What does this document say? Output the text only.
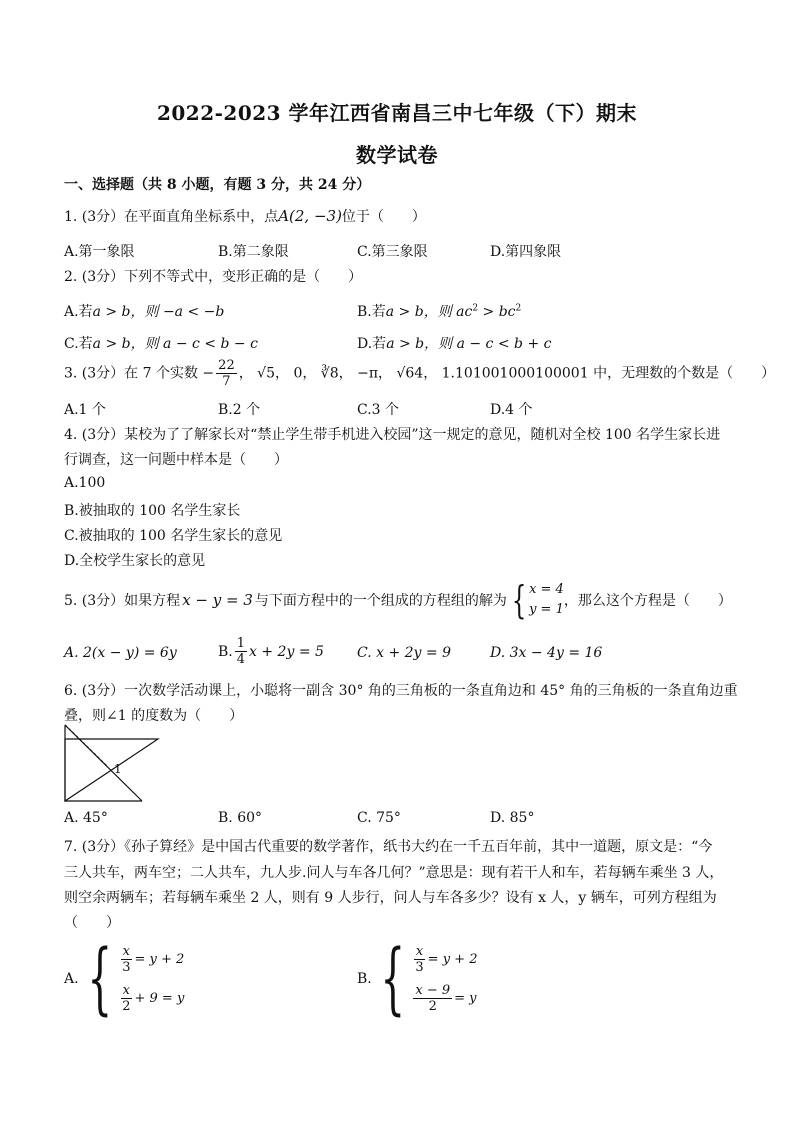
2022-2023 学年江西省南昌三中七年级（下）期末
数学试卷
一、选择题（共 8 小题，有题 3 分，共 24 分）
1. (3分）在平面直角坐标系中，点A(2, −3)位于（　　）
A.第一象限	B.第二象限	C.第三象限	D.第四象限
2. (3分）下列不等式中，变形正确的是（　　）
A.若a > b，则 −a < −b	B.若a > b，则 $ac^2 > bc^2$
C.若a > b，则 a − c < b − c	D.若a > b，则 a − c < b + c
3. (3分）在 7 个实数 − $\frac{22}{7}$ ， √5， 0， ∛8， −π， √64， 1.101001000100001 中，无理数的个数是（　　）
A.1 个	B.2 个	C.3 个	D.4 个
4. (3分）某校为了了解家长对“禁止学生带手机进入校园”这一规定的意见，随机对全校 100 名学生家长进
行调查，这一问题中样本是（　　）
A.100
B.被抽取的 100 名学生家长
C.被抽取的 100 名学生家长的意见
D.全校学生家长的意见
5. (3分）如果方程 x − y = 3 与下面方程中的一个组成的方程组的解为 { x = 4
y = 1
，那么这个方程是（　　）
A. 2(x − y) = 6y	B. $\frac{1}{4}$ x + 2y = 5 C. x + 2y = 9	D. 3x − 4y = 16
6. (3分）一次数学活动课上，小聪将一副含 30° 角的三角板的一条直角边和 45° 角的三角板的一条直角边重
叠，则∠1 的度数为（　　）
1
A. 45°	B. 60°	C. 75°	D. 85°
7. (3分）《孙子算经》是中国古代重要的数学著作，纸书大约在一千五百年前，其中一道题，原文是：“今
三人共车，两车空；二人共车，九人步.问人与车各几何？”意思是：现有若干人和车，若每辆车乘坐 3 人，
则空余两辆车；若每辆车乘坐 2 人，则有 9 人步行，问人与车各多少？设有 x 人，y 辆车，可列方程组为
（　　）
A. { $\frac{x}{3} = y + 2$
$\frac{x}{2} + 9 = y$
B. { $\frac{x}{3} = y + 2$
$\frac{x - 9}{2} = y$
